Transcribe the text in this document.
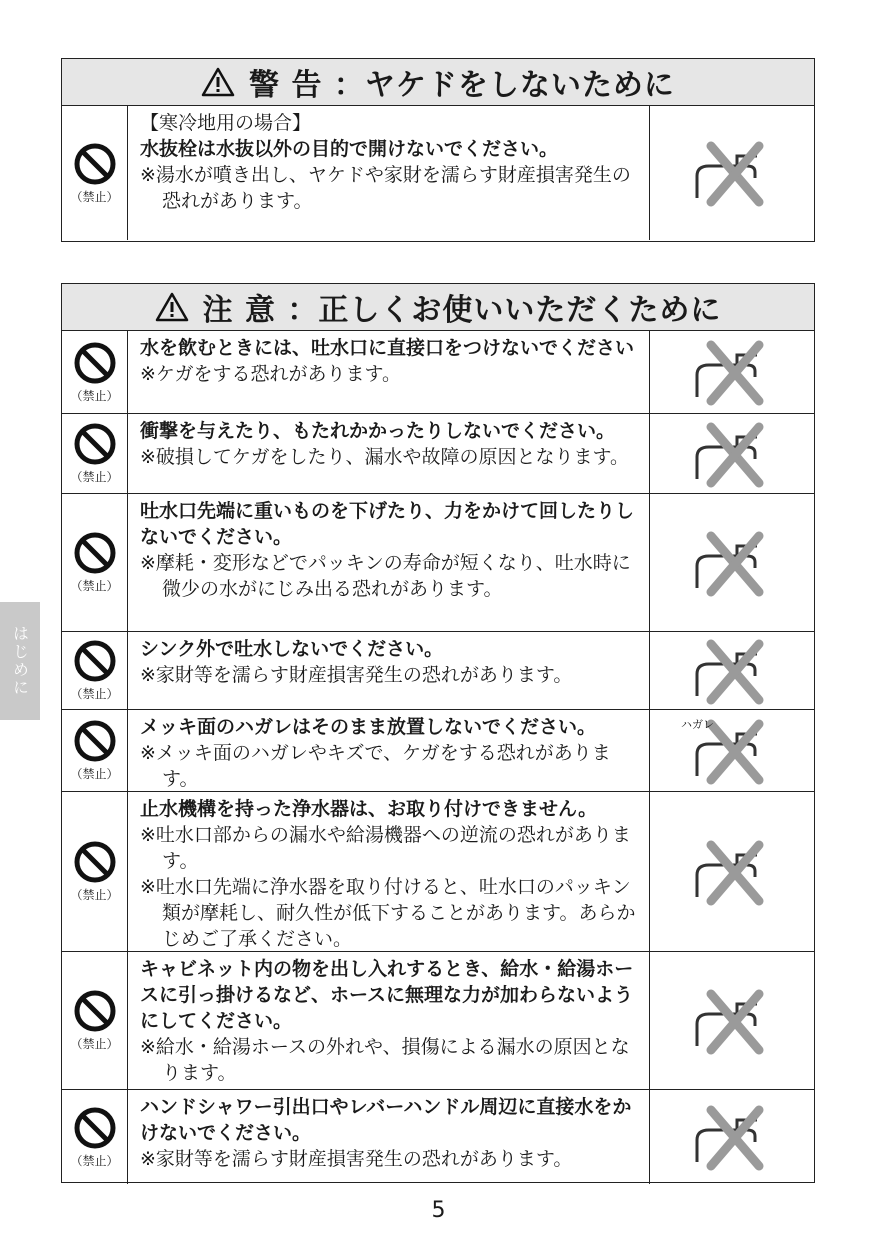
警 告 ：ヤケドをしないために
（禁止）
【寒冷地用の場合】
水抜栓は水抜以外の目的で開けないでください。
※湯水が噴き出し、ヤケドや家財を濡らす財産損害発生の恐れがあります。
注 意 ：正しくお使いいただくために
（禁止）
水を飲むときには、吐水口に直接口をつけないでください
※ケガをする恐れがあります。
（禁止）
衝撃を与えたり、もたれかかったりしないでください。
※破損してケガをしたり、漏水や故障の原因となります。
（禁止）
吐水口先端に重いものを下げたり、力をかけて回したりしないでください。
※摩耗・変形などでパッキンの寿命が短くなり、吐水時に微少の水がにじみ出る恐れがあります。
（禁止）
シンク外で吐水しないでください。
※家財等を濡らす財産損害発生の恐れがあります。
（禁止）
メッキ面のハガレはそのまま放置しないでください。
※メッキ面のハガレやキズで、ケガをする恐れがあります。
ハガレ
（禁止）
止水機構を持った浄水器は、お取り付けできません。
※吐水口部からの漏水や給湯機器への逆流の恐れがあります。
※吐水口先端に浄水器を取り付けると、吐水口のパッキン類が摩耗し、耐久性が低下することがあります。あらかじめご了承ください。
（禁止）
キャビネット内の物を出し入れするとき、給水・給湯ホースに引っ掛けるなど、ホースに無理な力が加わらないようにしてください。
※給水・給湯ホースの外れや、損傷による漏水の原因となります。
（禁止）
ハンドシャワー引出口やレバーハンドル周辺に直接水をかけないでください。
※家財等を濡らす財産損害発生の恐れがあります。
はじめに
5
